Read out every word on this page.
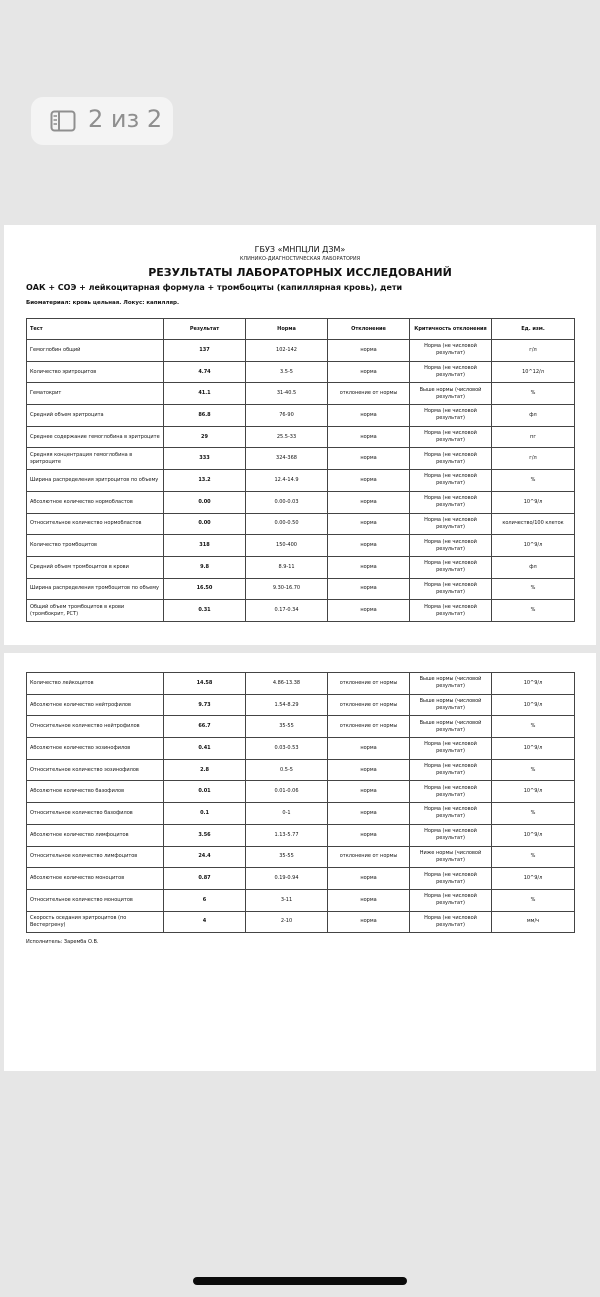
2 из 2
ГБУЗ «МНПЦЛИ ДЗМ»
КЛИНИКО-ДИАГНОСТИЧЕСКАЯ ЛАБОРАТОРИЯ
РЕЗУЛЬТАТЫ ЛАБОРАТОРНЫХ ИССЛЕДОВАНИЙ
ОАК + СОЭ + лейкоцитарная формула + тромбоциты (капиллярная кровь), дети
Биоматериал: кровь цельная. Локус: капилляр.
Тест	Результат	Норма	Отклонение	Критичность отклонения	Ед. изм.
Гемоглобин общий	137	102-142	норма	Норма (не числовой результат)	г/л
Количество эритроцитов	4.74	3.5-5	норма	Норма (не числовой результат)	10^12/л
Гематокрит	41.1	31-40.5	отклонение от нормы	Выше нормы (числовой результат)	%
Средний объем эритроцита	86.8	76-90	норма	Норма (не числовой результат)	фл
Среднее содержание гемоглобина в эритроците	29	25.5-33	норма	Норма (не числовой результат)	пг
Средняя концентрация гемоглобина в эритроците	333	324-368	норма	Норма (не числовой результат)	г/л
Ширина распределения эритроцитов по объему	13.2	12.4-14.9	норма	Норма (не числовой результат)	%
Абсолютное количество нормобластов	0.00	0.00-0.03	норма	Норма (не числовой результат)	10^9/л
Относительное количество нормобластов	0.00	0.00-0.50	норма	Норма (не числовой результат)	количество/100 клеток
Количество тромбоцитов	318	150-400	норма	Норма (не числовой результат)	10^9/л
Средний объем тромбоцитов в крови	9.8	8.9-11	норма	Норма (не числовой результат)	фл
Ширина распределения тромбоцитов по объему	16.50	9.30-16.70	норма	Норма (не числовой результат)	%
Общий объем тромбоцитов в крови (тромбокрит, PCT)	0.31	0.17-0.34	норма	Норма (не числовой результат)	%
Количество лейкоцитов	14.58	4.86-13.38	отклонение от нормы	Выше нормы (числовой результат)	10^9/л
Абсолютное количество нейтрофилов	9.73	1.54-8.29	отклонение от нормы	Выше нормы (числовой результат)	10^9/л
Относительное количество нейтрофилов	66.7	35-55	отклонение от нормы	Выше нормы (числовой результат)	%
Абсолютное количество эозинофилов	0.41	0.03-0.53	норма	Норма (не числовой результат)	10^9/л
Относительное количество эозинофилов	2.8	0.5-5	норма	Норма (не числовой результат)	%
Абсолютное количество базофилов	0.01	0.01-0.06	норма	Норма (не числовой результат)	10^9/л
Относительное количество базофилов	0.1	0-1	норма	Норма (не числовой результат)	%
Абсолютное количество лимфоцитов	3.56	1.13-5.77	норма	Норма (не числовой результат)	10^9/л
Относительное количество лимфоцитов	24.4	35-55	отклонение от нормы	Ниже нормы (числовой результат)	%
Абсолютное количество моноцитов	0.87	0.19-0.94	норма	Норма (не числовой результат)	10^9/л
Относительное количество моноцитов	6	3-11	норма	Норма (не числовой результат)	%
Скорость оседания эритроцитов (по Вестергрену)	4	2-10	норма	Норма (не числовой результат)	мм/ч
Исполнитель: Заремба О.В.
